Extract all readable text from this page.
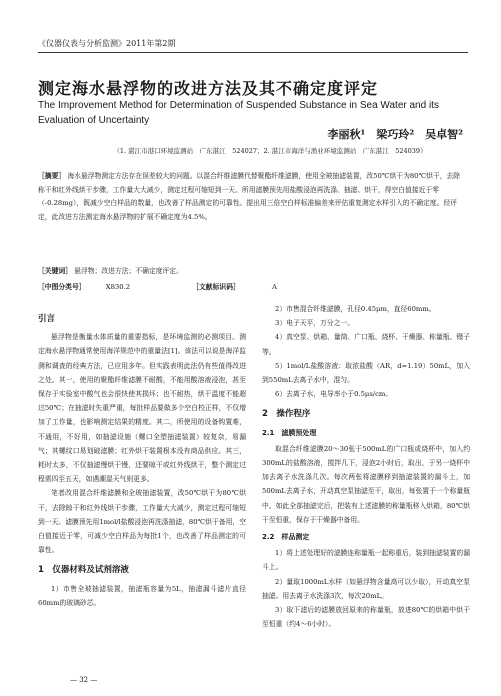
《仪器仪表与分析监测》2011年第2期
测定海水悬浮物的改进方法及其不确定度评定
The Improvement Method for Determination of Suspended Substance in Sea Water and its Evaluation of Uncertainty
李丽秋¹　梁巧玲²　吴卓智²
（1. 湛江市港口环境监测站　广东湛江　524027；2. 湛江市海洋与渔业环境监测站　广东湛江　524039）
［摘要］ 海水悬浮物测定方法存在误差较大的问题。以混合纤维滤膜代替聚酯纤维滤膜，使用全玻抽滤装置，改50℃烘干为80℃烘干，去除称干和红外线烘干步骤，工作量大大减少，测定过程可缩短到一天。所用滤膜预先用盐酸浸泡再洗涤、抽滤、烘干，得空白值接近于零（-0.28mg），既减少空白样品的数量，也改善了样品测定的可靠性。提出用三倍空白样标准偏差来评估重复测定水样引入的不确定度。经评定，此改进方法测定海水悬浮物的扩展不确定度为4.5%。
［关键词］ 悬浮物；改进方法；不确定度评定。
［中图分类号］	X830.2	［文献标识码］	A
引言

悬浮物是衡量水体质量的重要指标，是环境监测的必测项目。测定海水悬浮物通常使用海洋规范中的重量法[1]。该法可以说是海洋监测和调查的经典方法，已应用多年。但实践表明此法仍有些值得改进之处。其一，使用的聚酯纤维滤膜不耐酸，不能用酸溶液浸泡，甚至保存于实验室中酸气也会很快使其损坏；也不耐热，烘干温度不能超过50℃；在抽滤时失重严重，每批样品要做多个空白校正样，不仅增加了工作量，也影响测定结果的精度。其二，所使用的设备购置难，不通用，不好用，如抽滤设施（螺口全塑抽滤装置）较复杂，易漏气；其螺纹口易划破滤膜；红外烘干装置根本没有商品供应。其三，耗时太多，不仅抽滤慢烘干慢，还要晾干或红外线烘干，整个测定过程需四至五天，如遇潮湿天气则更多。

笔者改用混合纤维滤膜和全玻抽滤装置，改50℃烘干为80℃烘干，去除晾干和红外线烘干步骤，工作量大大减少，测定过程可缩短到一天。滤膜预先用1mol/l盐酸浸泡再洗涤抽滤，80℃烘干备用，空白值接近于零，可减少空白样品为每批1个，也改善了样品测定的可靠性。

1　仪器材料及试剂溶液

1）市售全玻抽滤装置，抽滤瓶容量为5L，抽滤漏斗滤片直径60mm的玻璃砂芯。

2）市售混合纤维滤膜，孔径0.45μm，直径60mm。

3）电子天平，万分之一。

4）真空泵、烘箱、量筒、广口瓶、烧杯、干燥器、称量瓶、镊子等。

5）1mol/L盐酸溶液：取浓盐酸（AR，d=1.19）50mL，加入到550mL去离子水中，混匀。

6）去离子水，电导率小于0.5μs/cm。

2　操作程序
2.1　滤膜预处理

取混合纤维滤膜20～30张于500mL的广口瓶或烧杯中，加入约300mL的盐酸溶液，搅拌几下，浸泡2小时后，取出，于另一烧杯中加去离子水洗涤几次。每次两张将滤膜移到抽滤装置的漏斗上，加500mL去离子水，开动真空泵抽滤至干，取出，每张置于一个称量瓶中。如此全部抽滤完后，把装有上述滤膜的称量瓶移入烘箱，80℃烘干至恒重，保存于干燥器中备用。

2.2　样品测定

1）将上述处理好的滤膜连称量瓶一起称重后，装到抽滤装置的漏斗上。

2）量取1000mL水样（如悬浮物含量高可以少取），开动真空泵抽滤。用去离子水洗涤3次，每次20mL。

3）取下滤后的滤膜放回原来的称量瓶，放进80℃的烘箱中烘干至恒重（约4～6小时）。

— 32 —
